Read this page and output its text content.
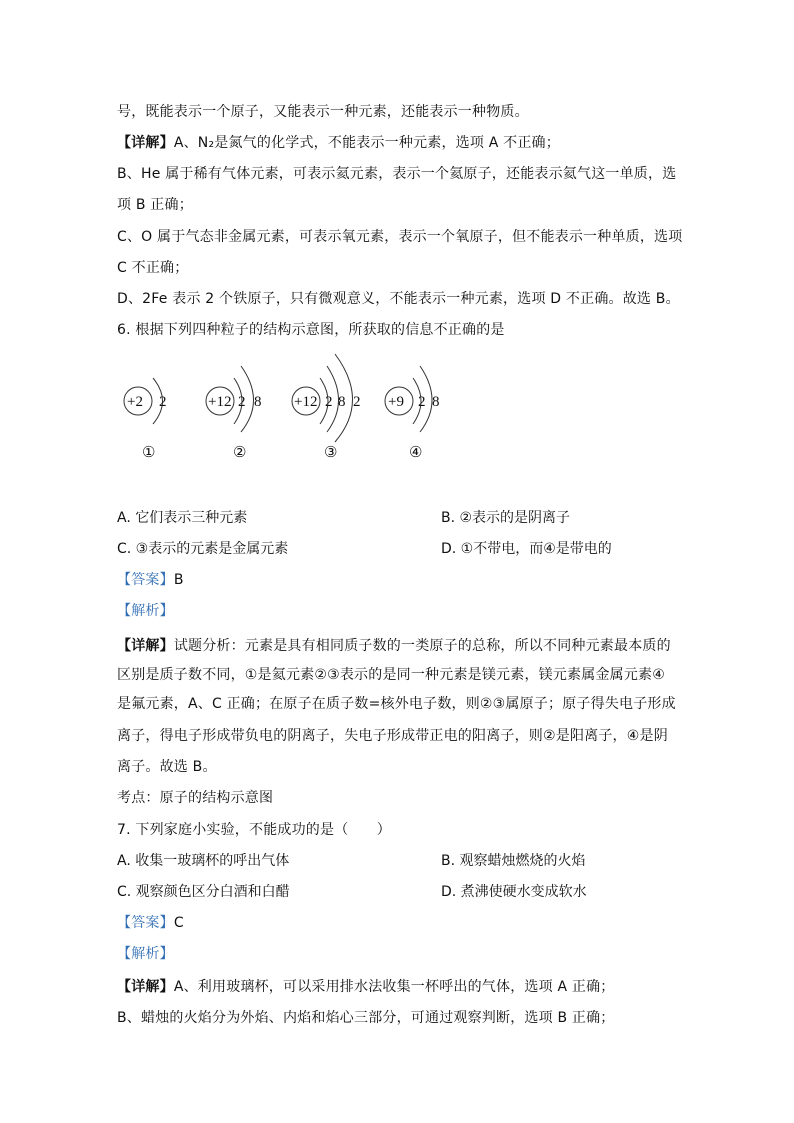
号，既能表示一个原子，又能表示一种元素，还能表示一种物质。
【详解】A、N₂是氮气的化学式，不能表示一种元素，选项 A 不正确；
B、He 属于稀有气体元素，可表示氦元素，表示一个氦原子，还能表示氦气这一单质，选
项 B 正确；
C、O 属于气态非金属元素，可表示氧元素，表示一个氧原子，但不能表示一种单质，选项
C 不正确；
D、2Fe 表示 2 个铁原子，只有微观意义，不能表示一种元素，选项 D 不正确。故选 B。
6. 根据下列四种粒子的结构示意图，所获取的信息不正确的是
+2 2	+12 2 8 +12 2 8 2 +9 2 8
①	②	③	④
A. 它们表示三种元素	B. ②表示的是阴离子
C. ③表示的元素是金属元素	D. ①不带电，而④是带电的
【答案】B
【解析】
【详解】试题分析：元素是具有相同质子数的一类原子的总称，所以不同种元素最本质的
区别是质子数不同，①是氦元素②③表示的是同一种元素是镁元素，镁元素属金属元素④
是氟元素，A、C 正确；在原子在质子数=核外电子数，则②③属原子；原子得失电子形成
离子，得电子形成带负电的阴离子，失电子形成带正电的阳离子，则②是阳离子，④是阴
离子。故选 B。
考点：原子的结构示意图
7. 下列家庭小实验，不能成功的是（　　）
A. 收集一玻璃杯的呼出气体	B. 观察蜡烛燃烧的火焰
C. 观察颜色区分白酒和白醋	D. 煮沸使硬水变成软水
【答案】C
【解析】
【详解】A、利用玻璃杯，可以采用排水法收集一杯呼出的气体，选项 A 正确；
B、蜡烛的火焰分为外焰、内焰和焰心三部分，可通过观察判断，选项 B 正确；
